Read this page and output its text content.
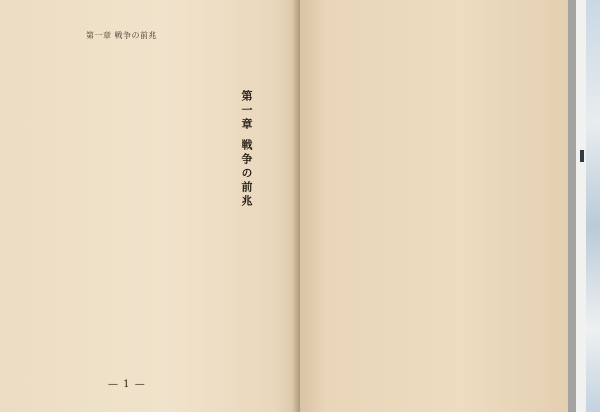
第一章 戦争の前兆
第一章 戦争の前兆
— 1 —
